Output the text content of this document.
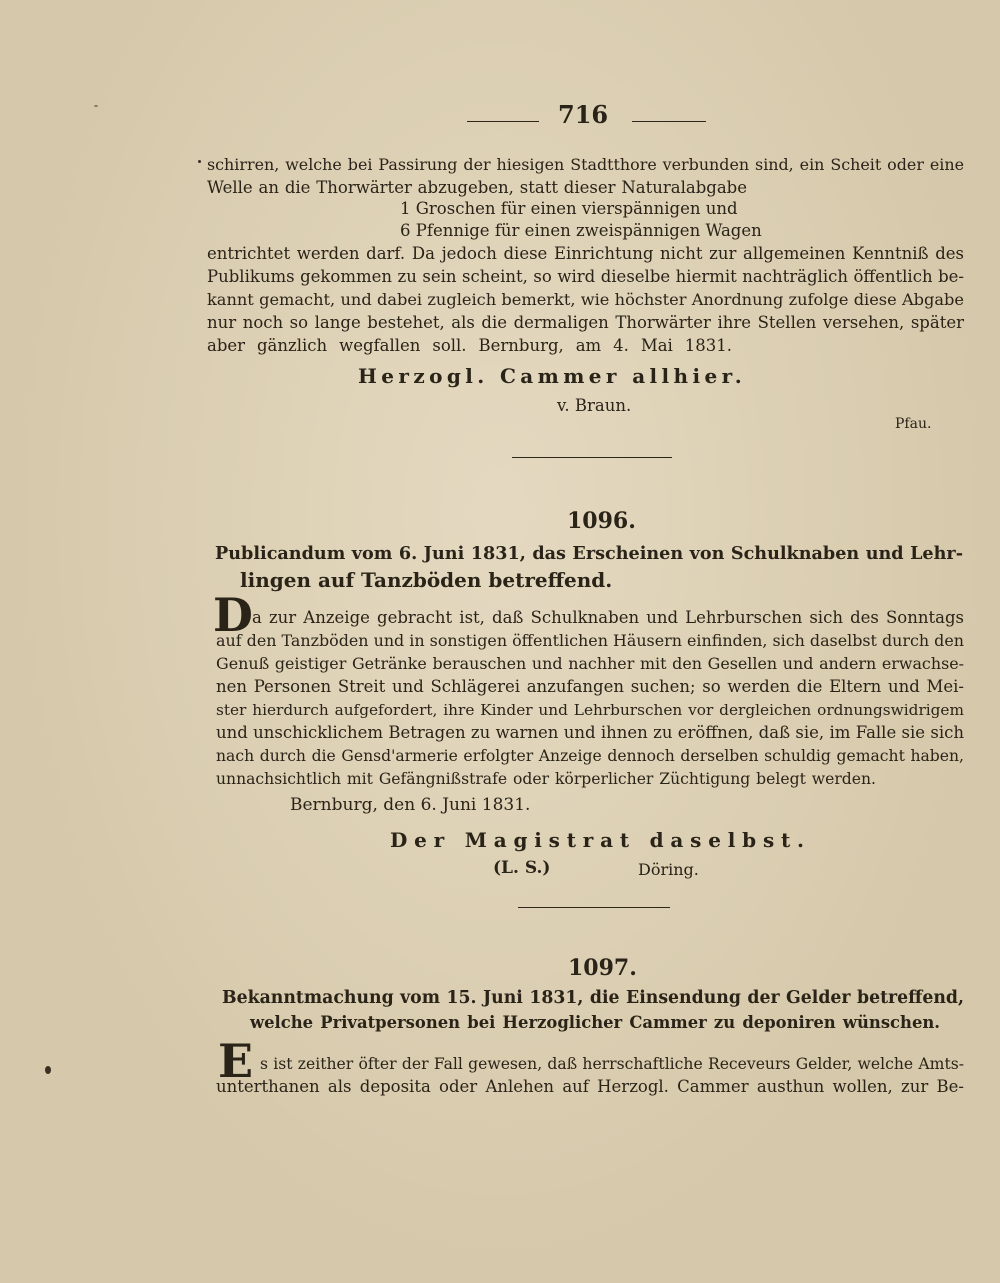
716
schirren, welche bei Passirung der hiesigen Stadtthore verbunden sind, ein Scheit oder eine
Welle an die Thorwärter abzugeben, statt dieser Naturalabgabe
1 Groschen für einen vierspännigen und
6 Pfennige für einen zweispännigen Wagen
entrichtet werden darf. Da jedoch diese Einrichtung nicht zur allgemeinen Kenntniß des
Publikums gekommen zu sein scheint, so wird dieselbe hiermit nachträglich öffentlich be-
kannt gemacht, und dabei zugleich bemerkt, wie höchster Anordnung zufolge diese Abgabe
nur noch so lange bestehet, als die dermaligen Thorwärter ihre Stellen versehen, später
aber gänzlich wegfallen soll. Bernburg, am 4. Mai 1831.
Herzogl. Cammer allhier.
v. Braun.
Pfau.
1096.
Publicandum vom 6. Juni 1831, das Erscheinen von Schulknaben und Lehr-
lingen auf Tanzböden betreffend.
D a zur Anzeige gebracht ist, daß Schulknaben und Lehrburschen sich des Sonntags
auf den Tanzböden und in sonstigen öffentlichen Häusern einfinden, sich daselbst durch den
Genuß geistiger Getränke berauschen und nachher mit den Gesellen und andern erwachse-
nen Personen Streit und Schlägerei anzufangen suchen; so werden die Eltern und Mei-
ster hierdurch aufgefordert, ihre Kinder und Lehrburschen vor dergleichen ordnungswidrigem
und unschicklichem Betragen zu warnen und ihnen zu eröffnen, daß sie, im Falle sie sich
nach durch die Gensd'armerie erfolgter Anzeige dennoch derselben schuldig gemacht haben,
unnachsichtlich mit Gefängnißstrafe oder körperlicher Züchtigung belegt werden.
Bernburg, den 6. Juni 1831.
Der Magistrat daselbst.
(L. S.)	Döring.
1097.
Bekanntmachung vom 15. Juni 1831, die Einsendung der Gelder betreffend,
welche Privatpersonen bei Herzoglicher Cammer zu deponiren wünschen.
E s ist zeither öfter der Fall gewesen, daß herrschaftliche Receveurs Gelder, welche Amts-
unterthanen als deposita oder Anlehen auf Herzogl. Cammer austhun wollen, zur Be-
